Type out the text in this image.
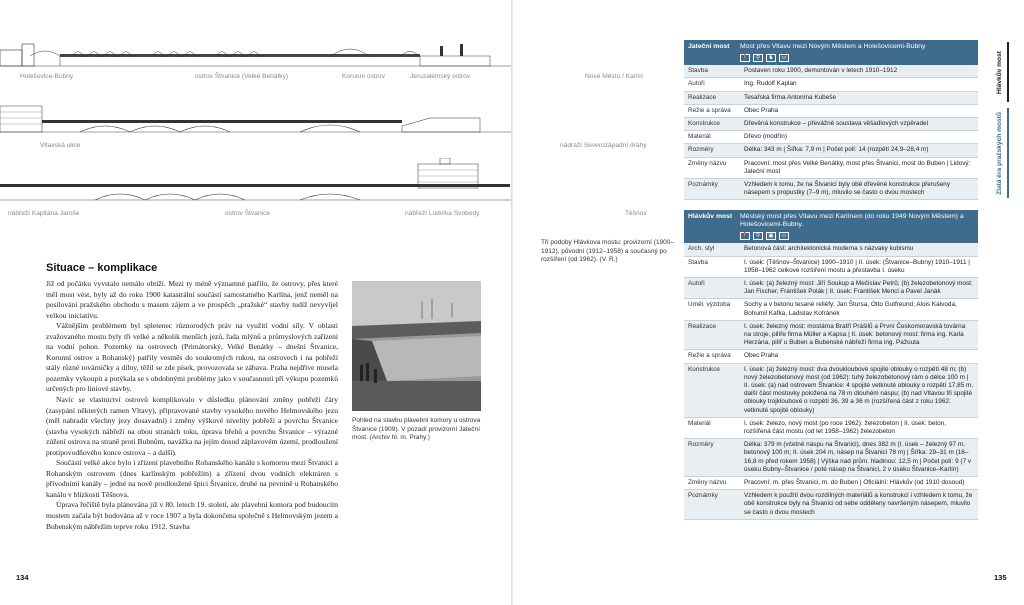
Holešovice-Bubny	ostrov Štvanice (Velké Benátky)	Korunní ostrov	Jeruzalémský ostrov	Nové Město / Karlín
Vltavská ulice	nádraží Severozápadní dráhy
nábřeží Kapitána Jaroše	ostrov Štvanice	nábřeží Ludvíka Svobody	Těšnov
Situace – komplikace

Již od počátku vyvstalo nemálo obtíží. Mezi ty méně významné patřilo, že ostrovy, přes které měl most vést, byly až do roku 1900 katastrální součástí samostatného Karlína, jenž neměl na posilování pražského obchodu s masem zájem a ve prospěch „pražské“ stavby tudíž nevyvíjel velkou iniciativu.

Vážnějším problémem byl spletenec různorodých práv na využití vodní síly. V oblasti zvažovaného mostu byly tři velké a několik menších jezů, řada mlýnů a průmyslových zařízení na vodní pohon. Pozemky na ostrovech (Primátorský, Velké Benátky – dnešní Štvanice, Korunní ostrov a Rohanský) patřily vesměs do soukromých rukou, na ostrovech i na pobřeží stály různé továrničky a dílny, těžil se zde písek, provozovala se zábava. Praha nejdříve musela pozemky vykoupit a potýkala se s obdobnými problémy jako v současnosti při výkupu pozemků určených pro liniové stavby.

Navíc se vlastnictví ostrovů komplikovalo v důsledku plánování změny pobřeží čáry (zasypání některých ramen Vltavy), připravované stavby vysokého nového Helmovského jezu (měl nahradit všechny jezy dosavadní) i změny výškové nivelity pobřeží a povrchu Štvanice (stavba vysokých nábřeží na obou stranách toku, úprava břehů a povrchu Štvanice – výrazné zúžení ostrova na straně proti Bubnům, navážka na jejím dosud záplavovém území, prodloužení protipovodňového konce ostrova – a další).

Součástí velké akce bylo i zřízení plavebního Rohanského kanálu s komorou mezi Štvanicí a Rohanským ostrovem (dnes karlínským pobřežím) a zřízení dvou vodních elektráren s přívodními kanály – jedné na nově prodloužené špici Štvanice, druhé na pevnině u Rohanského kanálu v blízkosti Těšnova.

Úprava řečiště byla plánována již v 80. letech 19. století, ale plavební komora pod budoucím mostem začala být budována až v roce 1907 a byla dokončena společně s Helmovským jezem a Bubenským nábřežím teprve roku 1912. Stavba

Pohled na stavbu plavební komory u ostrova Štvanice (1909). V pozadí provizorní Jateční most. (Archiv hl. m. Prahy.)
134
Tři podoby Hlávkova mostu: provizorní (1900–1912), původní (1912–1958) a současný po rozšíření (od 1962). (V. R.)
Jateční most	Most přes Vltavu mezi Novým Městem a Holešovicemi-Bubny
🚶	⚲	♞	▭
Stavba	Postaven roku 1900, demontován v letech 1910–1912
Autoři	Ing. Rudolf Kaplan
Realizace	Tesařská firma Antonína Kubeše
Režie a správa	Obec Praha
Konstrukce	Dřevěná konstrukce – převážně soustava věšadlových vzpěradel
Materiál	Dřevo (modřín)
Rozměry	Délka: 343 m | Šířka: 7,9 m | Počet polí: 14 (rozpětí 24,9–28,4 m)
Změny názvu	Pracovní: most přes Velké Benátky, most přes Štvanici, most do Buben | Lidový: Jateční most
Poznámky	Vzhledem k tomu, že na Štvanici byly obě dřevěné konstrukce přerušeny násepem s propustky (7–9 m), mluvilo se často o dvou mostech
Hlávkův most	Městský most přes Vltavu mezi Karlínem (do roku 1949 Novým Městem) a Holešovicemi-Bubny.
🚶	⚲	▣	▭
Arch. styl	Betonová část: architektonická moderna s názvaky kubismu
Stavba	I. úsek: (Těšnov–Štvanice) 1900–1910 | II. úsek: (Štvanice–Bubny) 1910–1911 | 1958–1962 celkové rozšíření mostu a přestavba I. úseku
Autoři	I. úsek: (a) železný most: Jiří Soukup a Mečislav Petrů; (b) železobetonový most: Jan Fischer, František Polák | II. úsek: František Mencl a Pavel Janák
Uměl. výzdoba	Sochy a v betonu tesané reliéfy: Jan Štursa, Otto Gutfreund, Alois Kalvoda, Bohumil Kafka, Ladislav Kofránek
Realizace	I. úsek: železný most: mostárna Bratří Prášilů a První Českomoravská továrna na stroje, pilíře firma Müller a Kapsa | II. úsek: betonový most: firma ing. Karla Herzána, pilíř u Buben a Bubenské nábřeží firma ing. Pažouta
Režie a správa	Obec Praha
Konstrukce	I. úsek: (a) železný most: dva dvoukloubové spojité oblouky o rozpětí 48 m; (b) nový železobetonový most (od 1962): tuhý železobetonový rám o délce 100 m | II. úsek: (a) nad ostrovem Štvanice: 4 spojité vetknuté oblouky o rozpětí 17,85 m, další část mostovky položena na 78 m dlouhém náspu; (b) nad Vltavou tři spojité oblouky trojkloubové o rozpětí 36, 39 a 36 m (rozšířená část z roku 1962: vetknuté spojité oblouky)
Materiál	I. úsek: železo, nový most (po roce 1962): železobeton | II. úsek: beton, rozšířená část mostu (od let 1958–1962) železobeton
Rozměry	Délka: 379 m (včetně náspu na Štvanici), dnes 382 m (I. úsek – železný 97 m, betonový 100 m; II. úsek 204 m, násep na Štvanici 78 m) | Šířka: 29–31 m (16–16,8 m před rokem 1958) | Výška nad prům. hladinou: 12,5 m | Počet polí: 9 (7 v úseku Bubny–Štvanice / poté násep na Štvanici, 2 v úseku Štvanice–Karlín)
Změny názvu	Pracovní: m. přes Štvanici, m. do Buben | Oficiální: Hlávkův (od 1910 dosoud)
Poznámky	Vzhledem k použití dvou rozdílných materiálů a konstrukcí i vzhledem k tomu, že obě konstrukce byly na Štvanici od sebe odděleny navršeným násepem, mluvilo se často o dvou mostech
Hlávkův most
Zlatá éra pražských mostů
135
